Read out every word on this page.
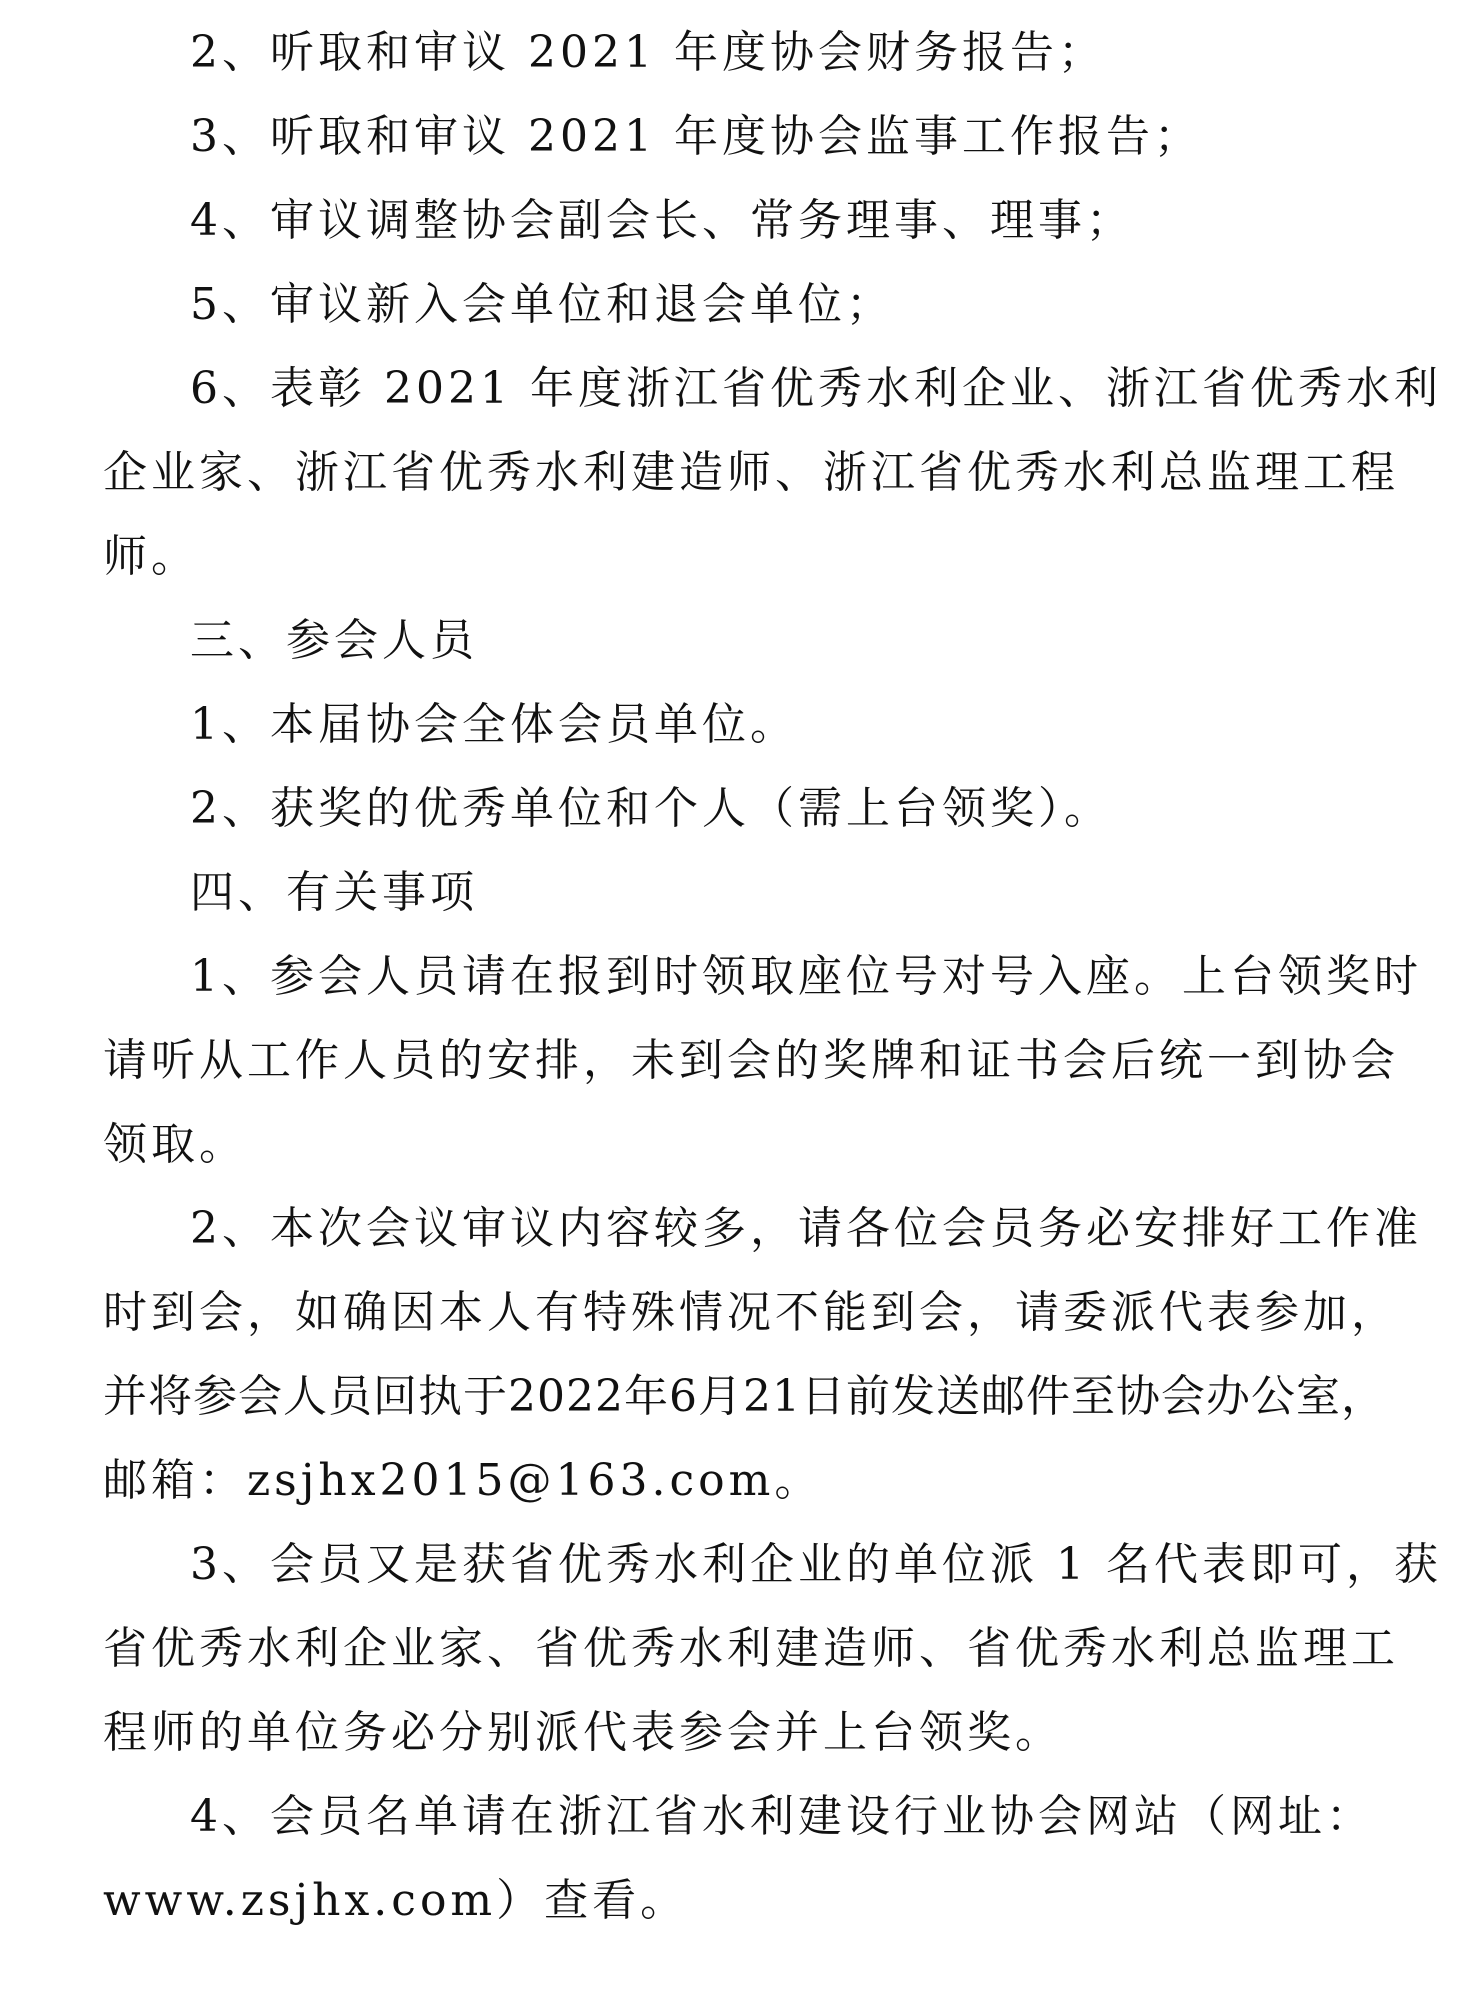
2、听取和审议 2021 年度协会财务报告；
3、听取和审议 2021 年度协会监事工作报告；
4、审议调整协会副会长、常务理事、理事；
5、审议新入会单位和退会单位；
6、表彰 2021 年度浙江省优秀水利企业、浙江省优秀水利
企业家、浙江省优秀水利建造师、浙江省优秀水利总监理工程
师。
三、参会人员
1、本届协会全体会员单位。
2、获奖的优秀单位和个人（需上台领奖）。
四、有关事项
1、参会人员请在报到时领取座位号对号入座。上台领奖时
请听从工作人员的安排，未到会的奖牌和证书会后统一到协会
领取。
2、本次会议审议内容较多，请各位会员务必安排好工作准
时到会，如确因本人有特殊情况不能到会，请委派代表参加，
并将参会人员回执于2022年6月21日前发送邮件至协会办公室，
邮箱：zsjhx2015@163.com。
3、会员又是获省优秀水利企业的单位派 1 名代表即可，获
省优秀水利企业家、省优秀水利建造师、省优秀水利总监理工
程师的单位务必分别派代表参会并上台领奖。
4、会员名单请在浙江省水利建设行业协会网站（网址：
www.zsjhx.com）查看。
